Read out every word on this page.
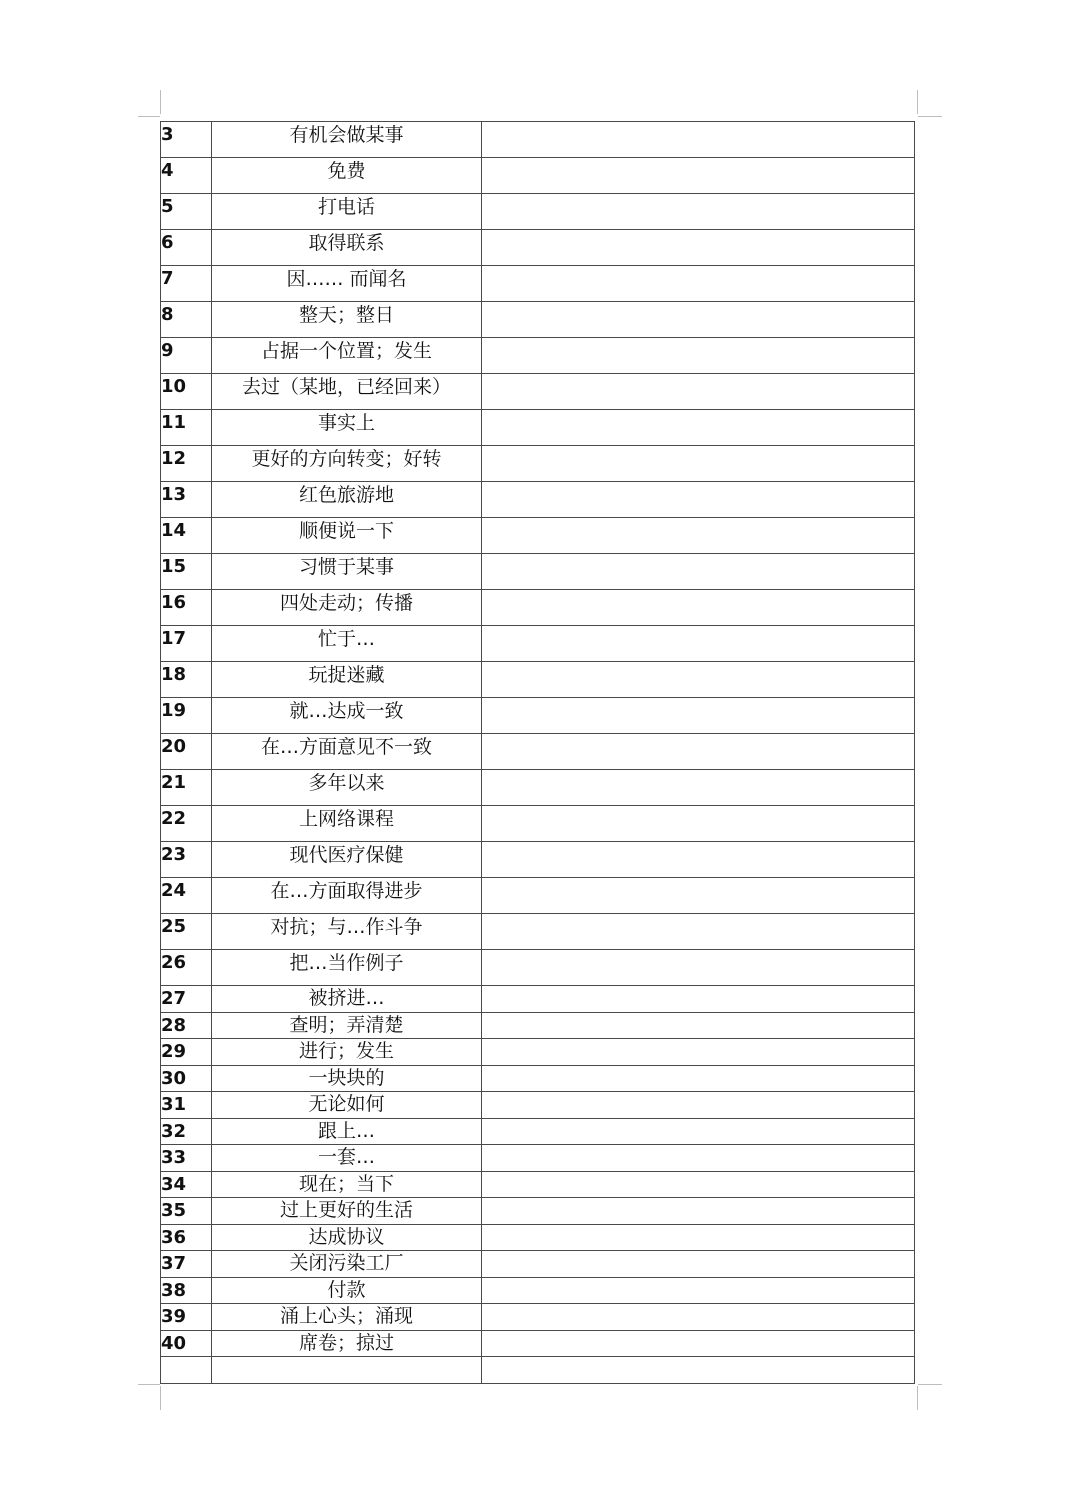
3	有机会做某事	
4	免费	
5	打电话	
6	取得联系	
7	因…… 而闻名	
8	整天；整日	
9	占据一个位置；发生	
10	去过（某地，已经回来）	
11	事实上	
12	更好的方向转变；好转	
13	红色旅游地	
14	顺便说一下	
15	习惯于某事	
16	四处走动；传播	
17	忙于…	
18	玩捉迷藏	
19	就…达成一致	
20	在…方面意见不一致	
21	多年以来	
22	上网络课程	
23	现代医疗保健	
24	在…方面取得进步	
25	对抗；与…作斗争	
26	把…当作例子	
27	被挤进…	
28	查明；弄清楚	
29	进行；发生	
30	一块块的	
31	无论如何	
32	跟上…	
33	一套…	
34	现在；当下	
35	过上更好的生活	
36	达成协议	
37	关闭污染工厂	
38	付款	
39	涌上心头；涌现	
40	席卷；掠过	
